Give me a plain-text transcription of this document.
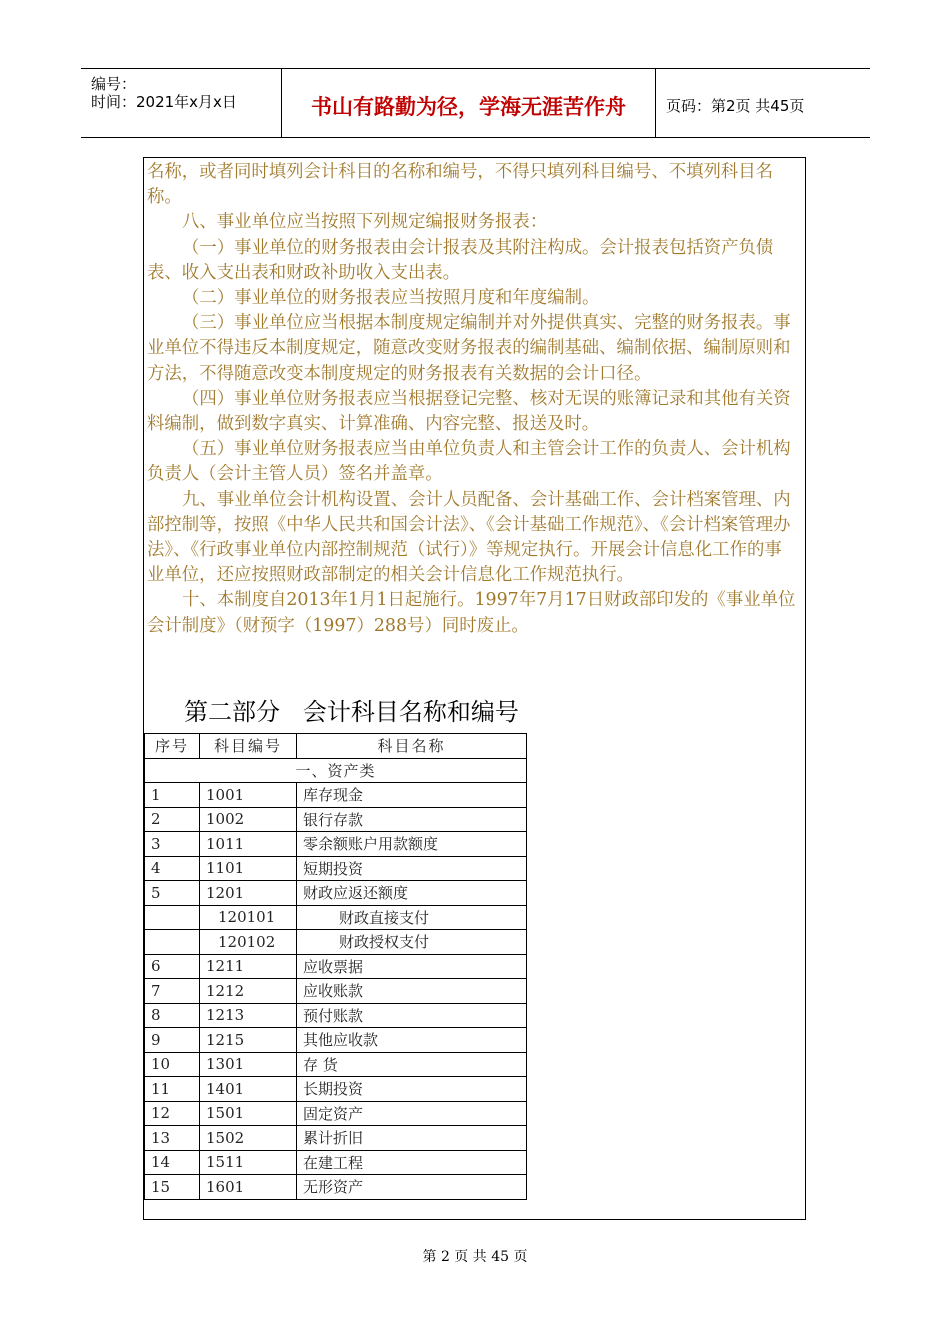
编号：
时间：2021年x月x日	书山有路勤为径，学海无涯苦作舟	页码：第2页 共45页

名称，或者同时填列会计科目的名称和编号，不得只填列科目编号、不填列科目名称。

八、事业单位应当按照下列规定编报财务报表：

（一）事业单位的财务报表由会计报表及其附注构成。会计报表包括资产负债表、收入支出表和财政补助收入支出表。

（二）事业单位的财务报表应当按照月度和年度编制。

（三）事业单位应当根据本制度规定编制并对外提供真实、完整的财务报表。事业单位不得违反本制度规定，随意改变财务报表的编制基础、编制依据、编制原则和方法，不得随意改变本制度规定的财务报表有关数据的会计口径。

（四）事业单位财务报表应当根据登记完整、核对无误的账簿记录和其他有关资料编制，做到数字真实、计算准确、内容完整、报送及时。

（五）事业单位财务报表应当由单位负责人和主管会计工作的负责人、会计机构负责人（会计主管人员）签名并盖章。

九、事业单位会计机构设置、会计人员配备、会计基础工作、会计档案管理、内部控制等，按照《中华人民共和国会计法》、《会计基础工作规范》、《会计档案管理办法》、《行政事业单位内部控制规范（试行）》等规定执行。开展会计信息化工作的事业单位，还应按照财政部制定的相关会计信息化工作规范执行。

十、本制度自2013年1月1日起施行。1997年7月17日财政部印发的《事业单位会计制度》（财预字（1997）288号）同时废止。

第二部分   会计科目名称和编号
序号	科目编号	科目名称
一、资产类		
1	1001	库存现金
2	1002	银行存款
3	1011	零余额账户用款额度
4	1101	短期投资
5	1201	财政应返还额度
	120101	财政直接支付
	120102	财政授权支付
6	1211	应收票据
7	1212	应收账款
8	1213	预付账款
9	1215	其他应收款
10	1301	存 货
11	1401	长期投资
12	1501	固定资产
13	1502	累计折旧
14	1511	在建工程
15	1601	无形资产
第 2 页 共 45 页
